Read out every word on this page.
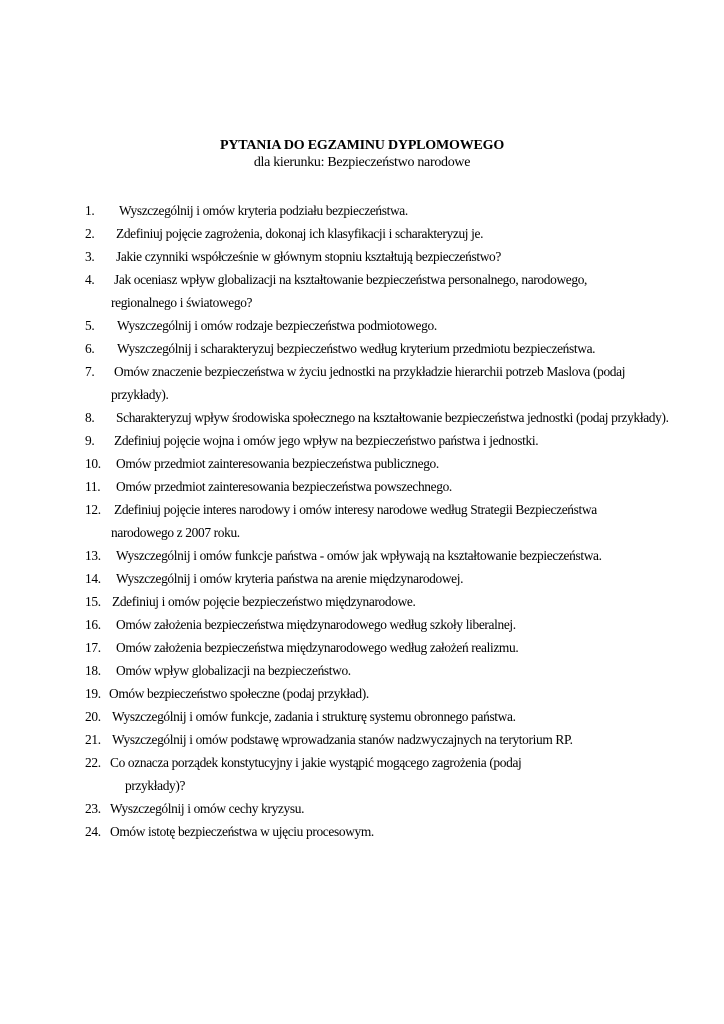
PYTANIA DO EGZAMINU DYPLOMOWEGO
dla kierunku: Bezpieczeństwo narodowe
1. Wyszczególnij i omów kryteria podziału bezpieczeństwa.
2. Zdefiniuj pojęcie zagrożenia, dokonaj ich klasyfikacji i scharakteryzuj je.
3. Jakie czynniki współcześnie w głównym stopniu kształtują bezpieczeństwo?
4. Jak oceniasz wpływ globalizacji na kształtowanie bezpieczeństwa personalnego, narodowego,
regionalnego i światowego?
5. Wyszczególnij i omów rodzaje bezpieczeństwa podmiotowego.
6. Wyszczególnij i scharakteryzuj bezpieczeństwo według kryterium przedmiotu bezpieczeństwa.
7. Omów znaczenie bezpieczeństwa w życiu jednostki na przykładzie hierarchii potrzeb Maslova (podaj
przykłady).
8. Scharakteryzuj wpływ środowiska społecznego na kształtowanie bezpieczeństwa jednostki (podaj przykłady).
9. Zdefiniuj pojęcie wojna i omów jego wpływ na bezpieczeństwo państwa i jednostki.
10. Omów przedmiot zainteresowania bezpieczeństwa publicznego.
11. Omów przedmiot zainteresowania bezpieczeństwa powszechnego.
12. Zdefiniuj pojęcie interes narodowy i omów interesy narodowe według Strategii Bezpieczeństwa
narodowego z 2007 roku.
13. Wyszczególnij i omów funkcje państwa - omów jak wpływają na kształtowanie bezpieczeństwa.
14. Wyszczególnij i omów kryteria państwa na arenie międzynarodowej.
15. Zdefiniuj i omów pojęcie bezpieczeństwo międzynarodowe.
16. Omów założenia bezpieczeństwa międzynarodowego według szkoły liberalnej.
17. Omów założenia bezpieczeństwa międzynarodowego według założeń realizmu.
18. Omów wpływ globalizacji na bezpieczeństwo.
19. Omów bezpieczeństwo społeczne (podaj przykład).
20. Wyszczególnij i omów funkcje, zadania i strukturę systemu obronnego państwa.
21. Wyszczególnij i omów podstawę wprowadzania stanów nadzwyczajnych na terytorium RP.
22. Co oznacza porządek konstytucyjny i jakie wystąpić mogącego zagrożenia (podaj
przykłady)?
23. Wyszczególnij i omów cechy kryzysu.
24. Omów istotę bezpieczeństwa w ujęciu procesowym.
